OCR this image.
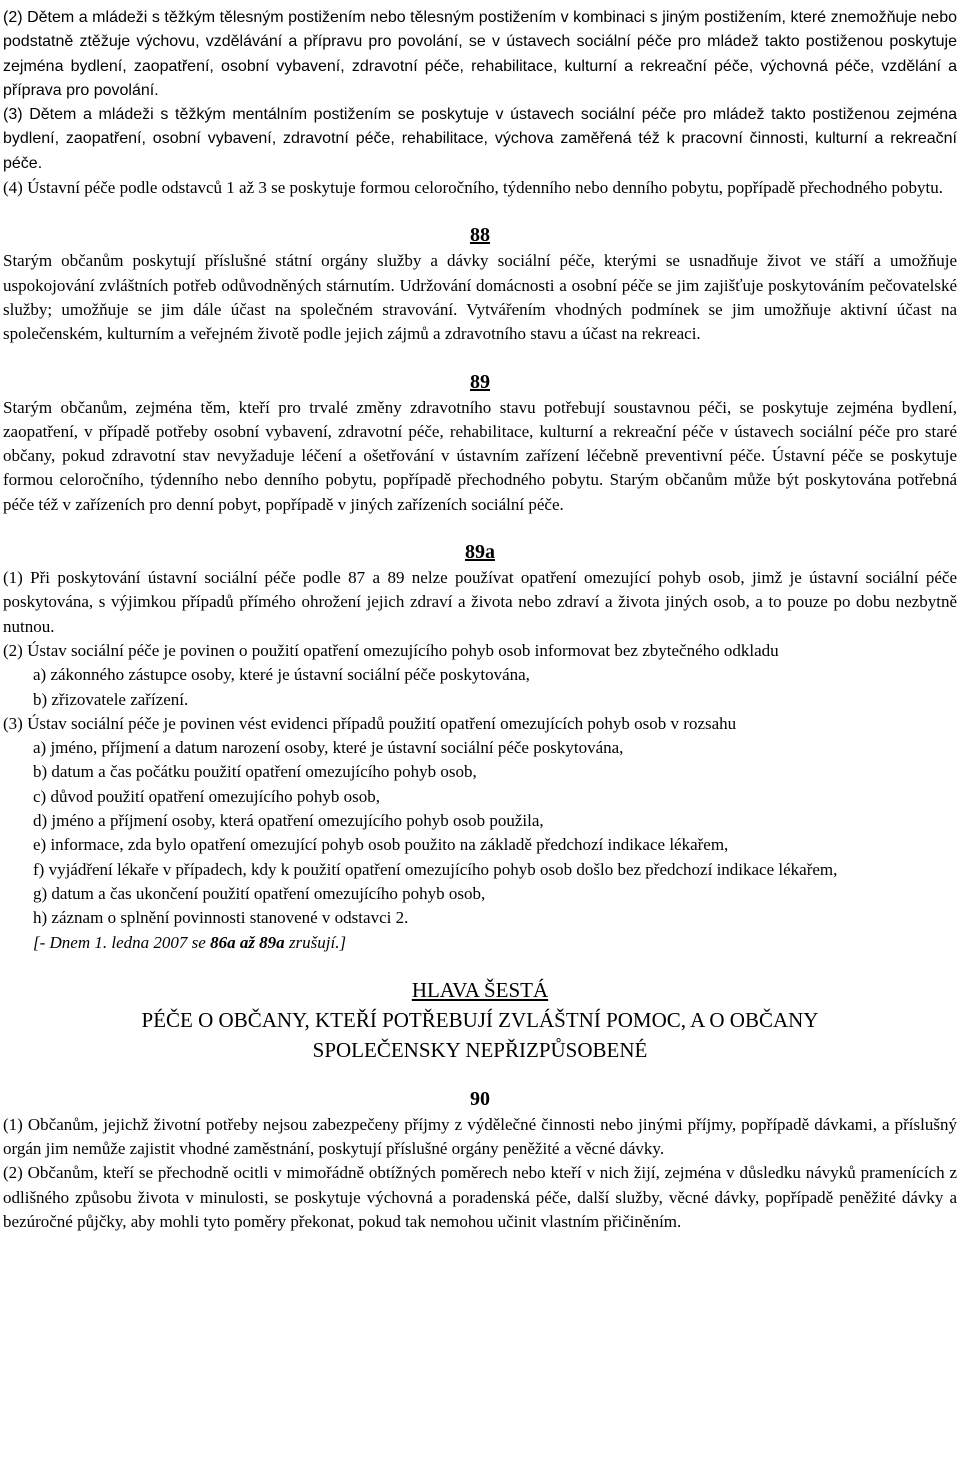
(2) Dětem a mládeži s těžkým tělesným postižením nebo tělesným postižením v kombinaci s jiným postižením, které znemožňuje nebo podstatně ztěžuje výchovu, vzdělávání a přípravu pro povolání, se v ústavech sociální péče pro mládež takto postiženou poskytuje zejména bydlení, zaopatření, osobní vybavení, zdravotní péče, rehabilitace, kulturní a rekreační péče, výchovná péče, vzdělání a příprava pro povolání.

(3) Dětem a mládeži s těžkým mentálním postižením se poskytuje v ústavech sociální péče pro mládež takto postiženou zejména bydlení, zaopatření, osobní vybavení, zdravotní péče, rehabilitace, výchova zaměřená též k pracovní činnosti, kulturní a rekreační péče.

(4) Ústavní péče podle odstavců 1 až 3 se poskytuje formou celoročního, týdenního nebo denního pobytu, popřípadě přechodného pobytu.

88

Starým občanům poskytují příslušné státní orgány služby a dávky sociální péče, kterými se usnadňuje život ve stáří a umožňuje uspokojování zvláštních potřeb odůvodněných stárnutím. Udržování domácnosti a osobní péče se jim zajišťuje poskytováním pečovatelské služby; umožňuje se jim dále účast na společném stravování. Vytvářením vhodných podmínek se jim umožňuje aktivní účast na společenském, kulturním a veřejném životě podle jejich zájmů a zdravotního stavu a účast na rekreaci.

89

Starým občanům, zejména těm, kteří pro trvalé změny zdravotního stavu potřebují soustavnou péči, se poskytuje zejména bydlení, zaopatření, v případě potřeby osobní vybavení, zdravotní péče, rehabilitace, kulturní a rekreační péče v ústavech sociální péče pro staré občany, pokud zdravotní stav nevyžaduje léčení a ošetřování v ústavním zařízení léčebně preventivní péče. Ústavní péče se poskytuje formou celoročního, týdenního nebo denního pobytu, popřípadě přechodného pobytu. Starým občanům může být poskytována potřebná péče též v zařízeních pro denní pobyt, popřípadě v jiných zařízeních sociální péče.

89a

(1) Při poskytování ústavní sociální péče podle 87 a 89 nelze používat opatření omezující pohyb osob, jimž je ústavní sociální péče poskytována, s výjimkou případů přímého ohrožení jejich zdraví a života nebo zdraví a života jiných osob, a to pouze po dobu nezbytně nutnou.

(2) Ústav sociální péče je povinen o použití opatření omezujícího pohyb osob informovat bez zbytečného odkladu

a) zákonného zástupce osoby, které je ústavní sociální péče poskytována,

b) zřizovatele zařízení.

(3) Ústav sociální péče je povinen vést evidenci případů použití opatření omezujících pohyb osob v rozsahu

a) jméno, příjmení a datum narození osoby, které je ústavní sociální péče poskytována,

b) datum a čas počátku použití opatření omezujícího pohyb osob,

c) důvod použití opatření omezujícího pohyb osob,

d) jméno a příjmení osoby, která opatření omezujícího pohyb osob použila,

e) informace, zda bylo opatření omezující pohyb osob použito na základě předchozí indikace lékařem,

f) vyjádření lékaře v případech, kdy k použití opatření omezujícího pohyb osob došlo bez předchozí indikace lékařem,

g) datum a čas ukončení použití opatření omezujícího pohyb osob,

h) záznam o splnění povinnosti stanovené v odstavci 2.

[- Dnem 1. ledna 2007 se 86a až 89a zrušují.]

HLAVA ŠESTÁ

PÉČE O OBČANY, KTEŘÍ POTŘEBUJÍ ZVLÁŠTNÍ POMOC, A O OBČANY

SPOLEČENSKY NEPŘIZPŮSOBENÉ

90

(1) Občanům, jejichž životní potřeby nejsou zabezpečeny příjmy z výdělečné činnosti nebo jinými příjmy, popřípadě dávkami, a příslušný orgán jim nemůže zajistit vhodné zaměstnání, poskytují příslušné orgány peněžité a věcné dávky.

(2) Občanům, kteří se přechodně ocitli v mimořádně obtížných poměrech nebo kteří v nich žijí, zejména v důsledku návyků pramenících z odlišného způsobu života v minulosti, se poskytuje výchovná a poradenská péče, další služby, věcné dávky, popřípadě peněžité dávky a bezúročné půjčky, aby mohli tyto poměry překonat, pokud tak nemohou učinit vlastním přičiněním.
